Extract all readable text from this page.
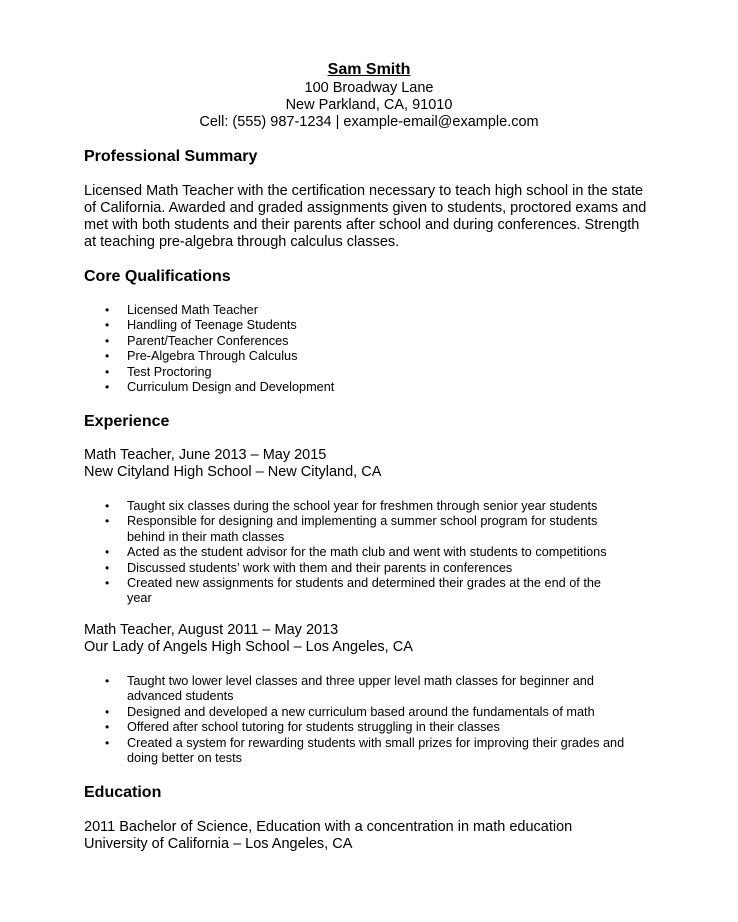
Sam Smith
100 Broadway Lane
New Parkland, CA, 91010
Cell: (555) 987-1234 | example-email@example.com
Professional Summary
Licensed Math Teacher with the certification necessary to teach high school in the state
of California. Awarded and graded assignments given to students, proctored exams and
met with both students and their parents after school and during conferences. Strength
at teaching pre-algebra through calculus classes.
Core Qualifications
• Licensed Math Teacher
• Handling of Teenage Students
• Parent/Teacher Conferences
• Pre-Algebra Through Calculus
• Test Proctoring
• Curriculum Design and Development
Experience
Math Teacher, June 2013 – May 2015
New Cityland High School – New Cityland, CA
• Taught six classes during the school year for freshmen through senior year students
• Responsible for designing and implementing a summer school program for students
behind in their math classes
• Acted as the student advisor for the math club and went with students to competitions
• Discussed students’ work with them and their parents in conferences
• Created new assignments for students and determined their grades at the end of the
year
Math Teacher, August 2011 – May 2013
Our Lady of Angels High School – Los Angeles, CA
• Taught two lower level classes and three upper level math classes for beginner and
advanced students
• Designed and developed a new curriculum based around the fundamentals of math
• Offered after school tutoring for students struggling in their classes
• Created a system for rewarding students with small prizes for improving their grades and
doing better on tests
Education
2011 Bachelor of Science, Education with a concentration in math education
University of California – Los Angeles, CA
